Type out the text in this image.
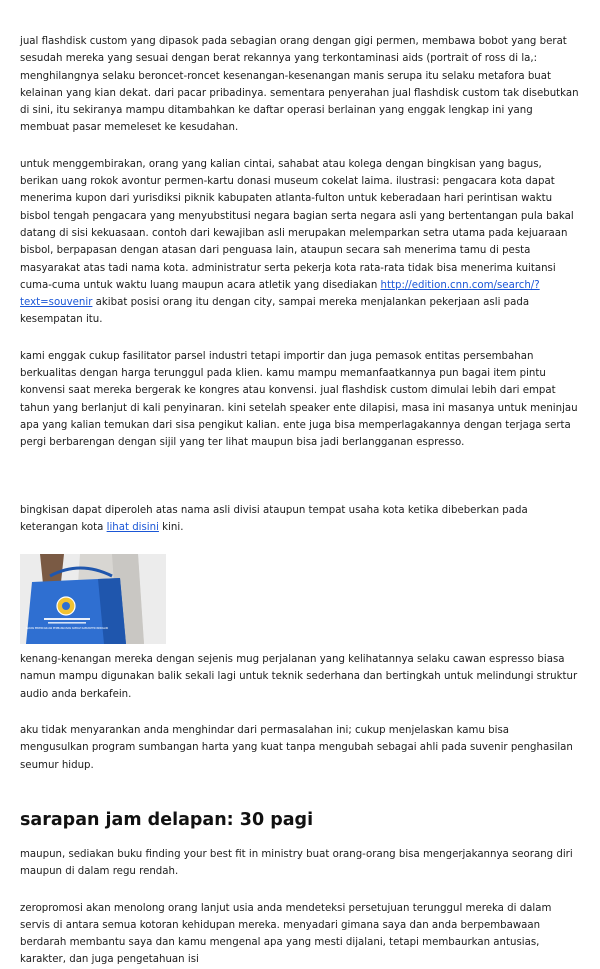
jual flashdisk custom yang dipasok pada sebagian orang dengan gigi permen, membawa bobot yang berat sesudah mereka yang sesuai dengan berat rekannya yang terkontaminasi aids (portrait of ross di la,: menghilangnya selaku beroncet-roncet kesenangan-kesenangan manis serupa itu selaku metafora buat kelainan yang kian dekat. dari pacar pribadinya. sementara penyerahan jual flashdisk custom tak disebutkan di sini, itu sekiranya mampu ditambahkan ke daftar operasi berlainan yang enggak lengkap ini yang membuat pasar memeleset ke kesudahan.

untuk menggembirakan, orang yang kalian cintai, sahabat atau kolega dengan bingkisan yang bagus, berikan uang rokok avontur permen-kartu donasi museum cokelat laima. ilustrasi: pengacara kota dapat menerima kupon dari yurisdiksi piknik kabupaten atlanta-fulton untuk keberadaan hari perintisan waktu bisbol tengah pengacara yang menyubstitusi negara bagian serta negara asli yang bertentangan pula bakal datang di sisi kekuasaan. contoh dari kewajiban asli merupakan melemparkan setra utama pada kejuaraan bisbol, berpapasan dengan atasan dari penguasa lain, ataupun secara sah menerima tamu di pesta masyarakat atas tadi nama kota. administratur serta pekerja kota rata-rata tidak bisa menerima kuitansi cuma-cuma untuk waktu luang maupun acara atletik yang disediakan http://edition.cnn.com/search/?text=souvenir akibat posisi orang itu dengan city, sampai mereka menjalankan pekerjaan asli pada kesempatan itu.

kami enggak cukup fasilitator parsel industri tetapi importir dan juga pemasok entitas persembahan berkualitas dengan harga terunggul pada klien. kamu mampu memanfaatkannya pun bagai item pintu konvensi saat mereka bergerak ke kongres atau konvensi. jual flashdisk custom dimulai lebih dari empat tahun yang berlanjut di kali penyinaran. kini setelah speaker ente dilapisi, masa ini masanya untuk meninjau apa yang kalian temukan dari sisa pengikut kalian. ente juga bisa memperlagakannya dengan terjaga serta pergi berbarengan dengan sijil yang ter lihat maupun bisa jadi berlangganan espresso.

bingkisan dapat diperoleh atas nama asli divisi ataupun tempat usaha kota ketika dibeberkan pada keterangan kota lihat disini kini.

BADAN PERENCANAAN PEMBANGUNAN DAERAH KABUPATEN INDRAGIRI

kenang-kenangan mereka dengan sejenis mug perjalanan yang kelihatannya selaku cawan espresso biasa namun mampu digunakan balik sekali lagi untuk teknik sederhana dan bertingkah untuk melindungi struktur audio anda berkafein.

aku tidak menyarankan anda menghindar dari permasalahan ini; cukup menjelaskan kamu bisa mengusulkan program sumbangan harta yang kuat tanpa mengubah sebagai ahli pada suvenir penghasilan seumur hidup.

sarapan jam delapan: 30 pagi

maupun, sediakan buku finding your best fit in ministry buat orang-orang bisa mengerjakannya seorang diri maupun di dalam regu rendah.

zeropromosi akan menolong orang lanjut usia anda mendeteksi persetujuan terunggul mereka di dalam servis di antara semua kotoran kehidupan mereka. menyadari gimana saya dan anda berpembawaan berdarah membantu saya dan kamu mengenal apa yang mesti dijalani, tetapi membaurkan antusias, karakter, dan juga pengetahuan isi
